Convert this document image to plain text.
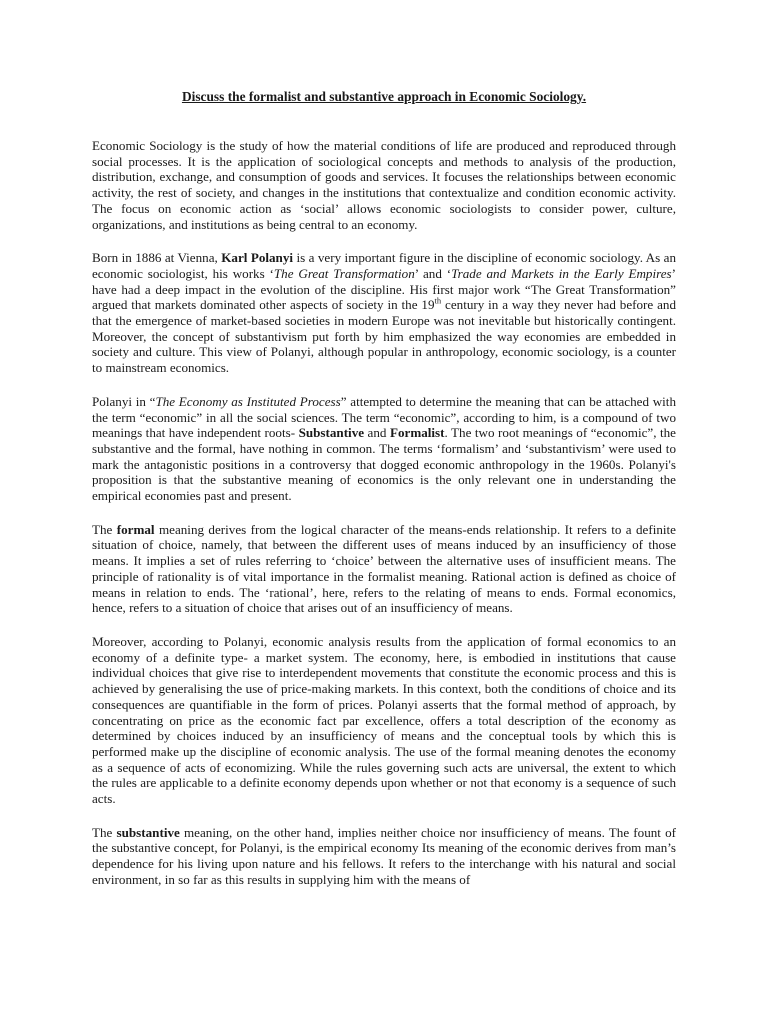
Discuss the formalist and substantive approach in Economic Sociology.

Economic Sociology is the study of how the material conditions of life are produced and reproduced through social processes. It is the application of sociological concepts and methods to analysis of the production, distribution, exchange, and consumption of goods and services. It focuses the relationships between economic activity, the rest of society, and changes in the institutions that contextualize and condition economic activity. The focus on economic action as ‘social’ allows economic sociologists to consider power, culture, organizations, and institutions as being central to an economy.

Born in 1886 at Vienna, Karl Polanyi is a very important figure in the discipline of economic sociology. As an economic sociologist, his works ‘The Great Transformation’ and ‘Trade and Markets in the Early Empires’ have had a deep impact in the evolution of the discipline. His first major work “The Great Transformation” argued that markets dominated other aspects of society in the 19th century in a way they never had before and that the emergence of market-based societies in modern Europe was not inevitable but historically contingent. Moreover, the concept of substantivism put forth by him emphasized the way economies are embedded in society and culture. This view of Polanyi, although popular in anthropology, economic sociology, is a counter to mainstream economics.

Polanyi in “The Economy as Instituted Process” attempted to determine the meaning that can be attached with the term “economic” in all the social sciences. The term “economic”, according to him, is a compound of two meanings that have independent roots- Substantive and Formalist. The two root meanings of “economic”, the substantive and the formal, have nothing in common. The terms ‘formalism’ and ‘substantivism’ were used to mark the antagonistic positions in a controversy that dogged economic anthropology in the 1960s. Polanyi's proposition is that the substantive meaning of economics is the only relevant one in understanding the empirical economies past and present.

The formal meaning derives from the logical character of the means-ends relationship. It refers to a definite situation of choice, namely, that between the different uses of means induced by an insufficiency of those means. It implies a set of rules referring to ‘choice’ between the alternative uses of insufficient means. The principle of rationality is of vital importance in the formalist meaning. Rational action is defined as choice of means in relation to ends. The ‘rational’, here, refers to the relating of means to ends. Formal economics, hence, refers to a situation of choice that arises out of an insufficiency of means.

Moreover, according to Polanyi, economic analysis results from the application of formal economics to an economy of a definite type- a market system. The economy, here, is embodied in institutions that cause individual choices that give rise to interdependent movements that constitute the economic process and this is achieved by generalising the use of price-making markets. In this context, both the conditions of choice and its consequences are quantifiable in the form of prices. Polanyi asserts that the formal method of approach, by concentrating on price as the economic fact par excellence, offers a total description of the economy as determined by choices induced by an insufficiency of means and the conceptual tools by which this is performed make up the discipline of economic analysis. The use of the formal meaning denotes the economy as a sequence of acts of economizing. While the rules governing such acts are universal, the extent to which the rules are applicable to a definite economy depends upon whether or not that economy is a sequence of such acts.

The substantive meaning, on the other hand, implies neither choice nor insufficiency of means. The fount of the substantive concept, for Polanyi, is the empirical economy Its meaning of the economic derives from man’s dependence for his living upon nature and his fellows. It refers to the interchange with his natural and social environment, in so far as this results in supplying him with the means of
